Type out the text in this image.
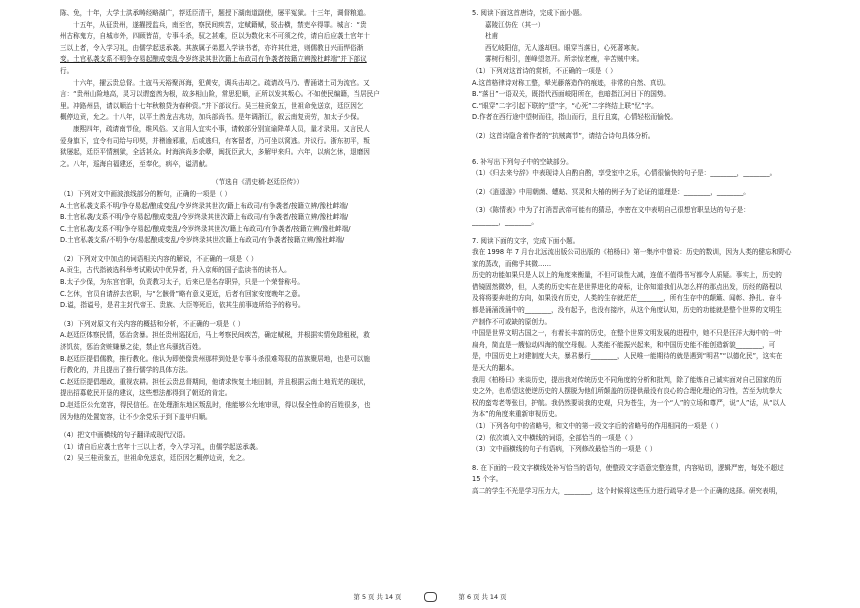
陈、免，十年，大学士洪承畴经略湖广，荐廷臣清干，题授下湖南道副使，屡平冤狱。十三年，调督粮道。

十五年，从征贵州，遂擢授监兵，南至官，察民间疾苦，定赋籍赋，驳击横，禁吏卒得罪。城言：“贵

州古称鬼方，自城市外，四顾皆苗，专事斗杀，驭之甚难，臣以为数化末不可须之传，请自后应袭土官年十

三以上者，令入学习礼，由儒学起送承袭。其族属子弟愿入学读书者，亦许其仕进，则儒教日兴而悍俗渐

变。土官私袭支系不明争夺易起酿成变乱令岁终录其世次籍上布政司有争袭者按籍立辨豫杜衅端”并下部议

行。

十六年，擢云贵总督。土寇马天裕聚洱海，犯黄安，调兵击却之。疏请改马乃、曹涌诸土司为流官。又

言：“贵州山险地高，灵习以谓蛮酋为根，故多相山险，常思犯顺，正所以发其叛心。不如使民编籍，当居民户

里。冲路州县，请以顺治十七年秋粮贷为春种资。”并下部议行。吴三桂贡象五，世祖命免送京，廷臣因乞

概停边贡，允之。十八年，以平土酋龙吉兆功，加兵部尚书。是年调浙江，叙云南复贡劳，加太子少保。

康熙四年，疏请南节俭，维风俗。又言用人宜实小事，请敕部分别宣谕降革人员，量才录用。又言民人

爱身旗下，宜令有司给与印契，并稽逾邪重，后或逃归，有客留者，乃可坐以窝逃。并议行。浙东初平，叛

狱屡起，廷臣平情割狱，全活甚众。时海滨尚多余孽，闽抚臣武大，多解甲来归。六年，以病乞休，退磨因

之。八年，巡海自福建还，至奉化，病卒，谥清献。

（节选自《清史稿·赵廷臣传》）

（1）下列对文中画波浪线部分的断句，正确的一项是（ ）

A.土官私袭支系不明/争夺易起/酿成变乱/令岁终录其世次/籍上布政司/有争袭者/按籍立辨/豫杜衅端/

B.土官私袭/支系不明/争夺易起/酿成变乱/令岁终录其世次籍上布政司/有争袭者/按籍立辨/豫杜衅端/

C.土官私袭/支系不明/争夺易起/酿成变乱/令岁终录其世次/籍上布政司/有争袭者/按籍立辨/豫杜衅端/

D.土官私袭支系/不明争夺/易起酿成变乱/令岁终录其世次籍上布政司/有争袭者按籍立辨/豫杜衅端/

（2）下列对文中加点的词语相关内容的解说，不正确的一项是（ ）

A.贡生，古代指被选科举考试殿试中优异者，升入京师的国子监读书的读书人。

B.太子少保，为东宫官职，负责教习太子，后来已是名存职异，只是一个荣誉称号。

C.乞休，官员自请辞去官职，与“乞骸骨”略有意义更近，后者有回家安度晚年之意。

D.谥，指谥号，是君主封代帝王、贵族、大臣等死后，依其生前事迹所给予的称号。

（3）下列对原文有关内容的概括和分析，不正确的一项是（ ）

A.赵廷臣体察民情，惩治贪暴。担任贵州巡抚后，马上考察民间疾苦，确定赋税，并根据实情免除租税，救

济饥贫，惩治贪赃嫌暴之徒，禁止官兵骚扰百姓。

B.赵廷臣提倡儒教，推行教化。他认为即使像贵州那样到处是专事斗杀很难驾驭的苗族聚居地，也是可以施

行教化的，并且提出了推行儒学的具体方法。

C.赵廷臣提倡理政，重视农耕。担任云贵总督期间，他请求恢复土地田制，并且根据云南土地荒芜的现状，

提出招募乾民开垦的建议，这些想法都得到了朝廷的肯定。

D.赵廷臣公允宽容，得民信任。在处理浙东地区叛乱时，他能够公允地审讯，得以保全性命的百姓很多，也

因为他的处置宽容，让不少余党乐于到下盖甲归顺。

（4）把文中画横线的句子翻译成现代汉语。

（1）请自后应袭土官年十三以上者，令入学习礼，由儒学起送承袭。

（2）吴三桂贡象五，世祖命免送京，廷臣因乞概停边贡，允之。

5. 阅读下面这首唐诗，完成下面小题。

嘉陵江仿佐（其一）

杜甫

西忆岐阳信，无人遂却回。眼穿当落日，心死著寒灰。

雾树行相引，莲峰望忽开。所亲惊老瘦，辛苦贼中来。

（1）下列对这首诗的赏析，不正确的一项是（ ）

A.这首格律诗对称工整，晕光藤落造作的痕迹，非常的自然、真切。

B.“落日”一语双关，既指代西面岐阳所在，也暗指江河日下的国势。

C.“眼穿”二字引起下联的“望”字，“心死”二字终结上联“忆”字。

D.作者在西行途中望树而往，指山而行，且行且寞，心情轻松而愉悦。

（2）这首诗隐含着作者的“抗贼离节”，请结合诗句具体分析。

6. 补写出下列句子中的空缺部分。

（1）《归去来兮辞》中表现诗人自酌自酌，享受室中之乐，心情很愉快的句子是：________，________。

（2）《逍遥游》中用朝菌、蟪蛄、冥灵和大椿的例子为了论证的道理是：________，________。

（3）《陈情表》中为了打消晋武帝可能有的猜忌，李密在文中表明自己很想官职呈达的句子是：

________，________。

7. 阅读下面的文字，完成下面小题。

我在 1998 年 7 月台北远流出版公司出版的《柏杨曰》第一集序中曾说：历史的数训，因为人类的健忘和野心

家的蒸改，而佛乎其微……

历史的功能如果只是人以上的角度来衡量，不但可谈性大减，连值不值得书写都令人质疑。事实上，历史的

借镜固然微妙，但，人类的历史实在是世界进化的奇标，让你知道我们从怎么样的那点出发，历经的路程以

及将将要奔赴的方向，如果没有历史，人类的生存就茫茫________，所有生存中的颠簸、闻彰、挣扎、奋斗

都是涌涌泼涌中的________，没有起予，也没有接序，从这个角度认知，历史的功能就是整个世界的文明生

产制作不可或缺的原创力。

中国是世界文明古国之一，有着长丰富的历史，在整个世界文明发展的进程中，她不只是汪洋大海中的一叶

扁舟，简直是一艘惊动四海的航空母舰。人类能不能振兴起来，和中国历史能不能创造新貌________，可

是，中国历史上对建制度大夫，暴君暴行________，人民唯一能期待的就是遇到“明君”“以德化民”，这实在

是天大的翻本。

我用《柏杨曰》来谈历史，提出我对传统历史不同角度的分析和批判，除了能炼自己诚实面对自己国家的历

史之外，也希望这使逆历史的人摆脱为他们所颠盖的历提供最没有良心的合理化理论的习性，苦至为坑拳大

权的蛮弯老等张目，护航。我仍然要说我的史观，只为苍生，为一个“人”的立场和尊严，说“人”话，从“以人

为本”的角度来重新审视历史。

（1）下列各句中的省略号，和文中的第一段文字后的省略号的作用相同的一项是（ ）

（2）依次填入文中横线的词语，全部恰当的一项是（ ）

（3）文中画横线的句子有语病，下列修改最恰当的一项是（ ）

8. 在下面的一段文字横线处补写恰当的语句，使整段文字语意完整连贯，内容贴切，逻辑严密，每处不超过

15 个字。

高二的学生不光是学习压力大，________，这个时候将这些压力进行疏导才是一个正确的选择。研究表明，

第 5 页 共 14 页	第 6 页 共 14 页
